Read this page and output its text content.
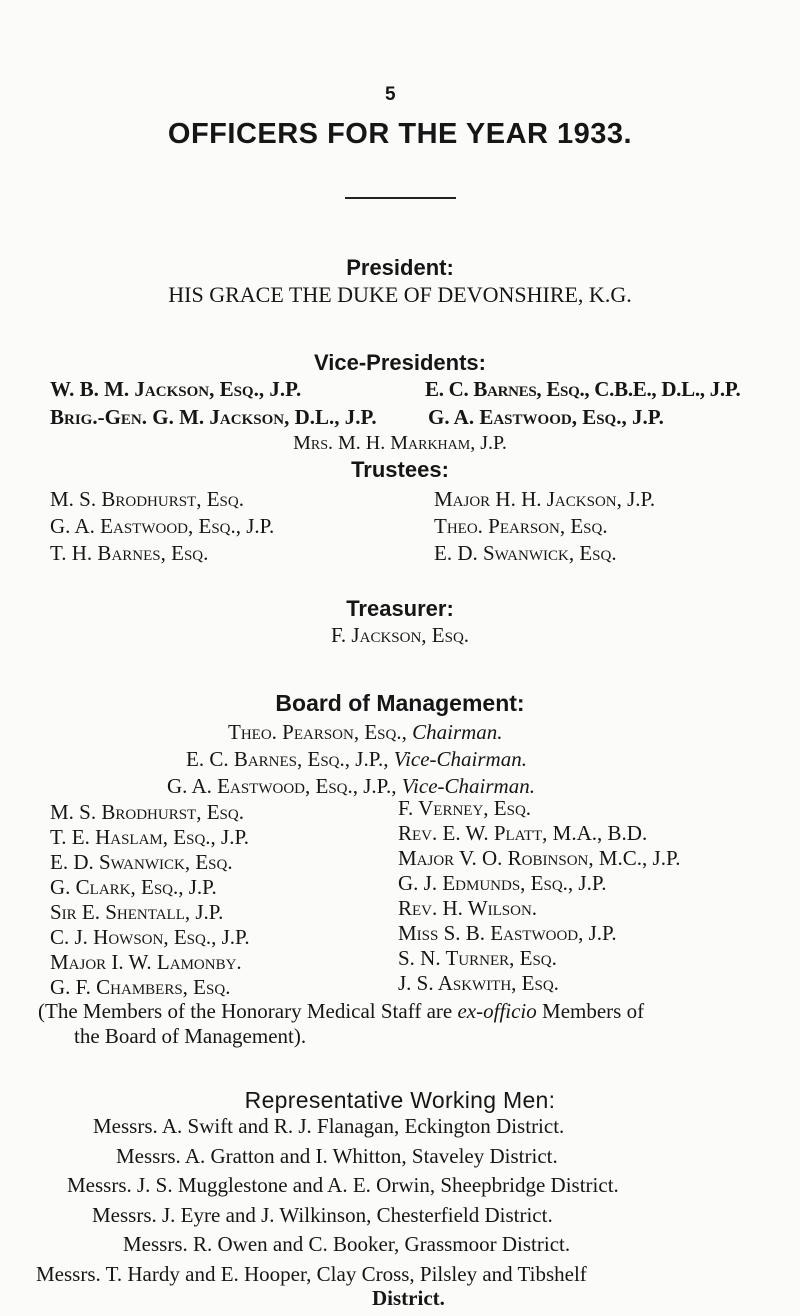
5
OFFICERS FOR THE YEAR 1933.
President:
HIS GRACE THE DUKE OF DEVONSHIRE, K.G.
Vice-Presidents:
W. B. M. Jackson, Esq., J.P.	E. C. Barnes, Esq., C.B.E., D.L., J.P.
Brig.-Gen. G. M. Jackson, D.L., J.P. G. A. Eastwood, Esq., J.P.
Mrs. M. H. Markham, J.P.
Trustees:
M. S. Brodhurst, Esq.
G. A. Eastwood, Esq., J.P.
T. H. Barnes, Esq.
Major H. H. Jackson, J.P.
Theo. Pearson, Esq.
E. D. Swanwick, Esq.
Treasurer:
F. Jackson, Esq.
Board of Management:
Theo. Pearson, Esq., Chairman.
E. C. Barnes, Esq., J.P., Vice-Chairman.
G. A. Eastwood, Esq., J.P., Vice-Chairman.
M. S. Brodhurst, Esq.
T. E. Haslam, Esq., J.P.
E. D. Swanwick, Esq.
G. Clark, Esq., J.P.
Sir E. Shentall, J.P.
C. J. Howson, Esq., J.P.
Major I. W. Lamonby.
G. F. Chambers, Esq.
F. Verney, Esq.
Rev. E. W. Platt, M.A., B.D.
Major V. O. Robinson, M.C., J.P.
G. J. Edmunds, Esq., J.P.
Rev. H. Wilson.
Miss S. B. Eastwood, J.P.
S. N. Turner, Esq.
J. S. Askwith, Esq.
(The Members of the Honorary Medical Staff are ex-officio Members of
the Board of Management).
Representative Working Men:
Messrs. A. Swift and R. J. Flanagan, Eckington District.
Messrs. A. Gratton and I. Whitton, Staveley District.
Messrs. J. S. Mugglestone and A. E. Orwin, Sheepbridge District.
Messrs. J. Eyre and J. Wilkinson, Chesterfield District.
Messrs. R. Owen and C. Booker, Grassmoor District.
Messrs. T. Hardy and E. Hooper, Clay Cross, Pilsley and Tibshelf
District.
